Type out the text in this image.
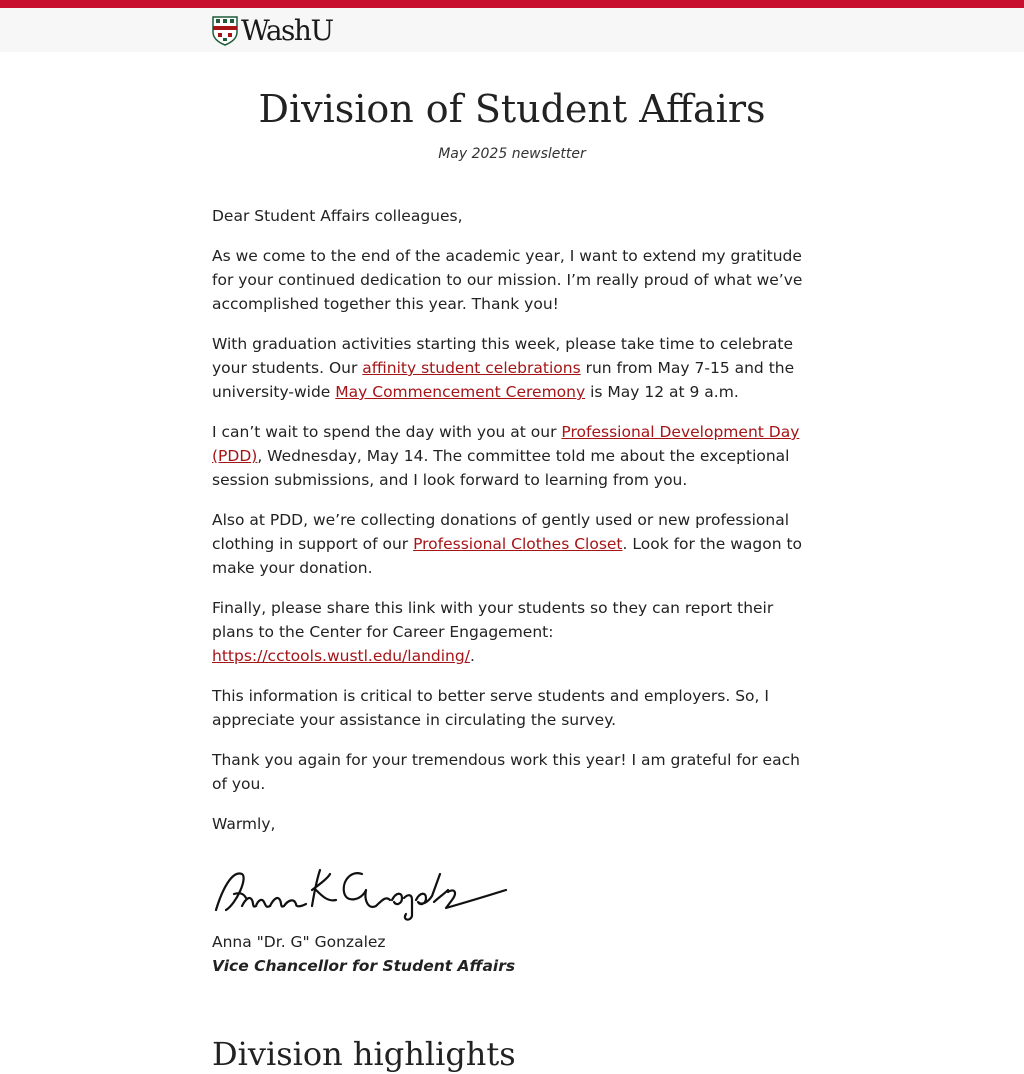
WashU
Division of Student Affairs
May 2025 newsletter

Dear Student Affairs colleagues,

As we come to the end of the academic year, I want to extend my gratitude for your continued dedication to our mission. I’m really proud of what we’ve accomplished together this year. Thank you!

With graduation activities starting this week, please take time to celebrate your students. Our affinity student celebrations run from May 7-15 and the university-wide May Commencement Ceremony is May 12 at 9 a.m.

I can’t wait to spend the day with you at our Professional Development Day (PDD), Wednesday, May 14. The committee told me about the exceptional session submissions, and I look forward to learning from you.

Also at PDD, we’re collecting donations of gently used or new professional clothing in support of our Professional Clothes Closet. Look for the wagon to make your donation.

Finally, please share this link with your students so they can report their plans to the Center for Career Engagement: https://cctools.wustl.edu/landing/.

This information is critical to better serve students and employers. So, I appreciate your assistance in circulating the survey.

Thank you again for your tremendous work this year! I am grateful for each of you.

Warmly,

Anna "Dr. G" Gonzalez
Vice Chancellor for Student Affairs
Division highlights
